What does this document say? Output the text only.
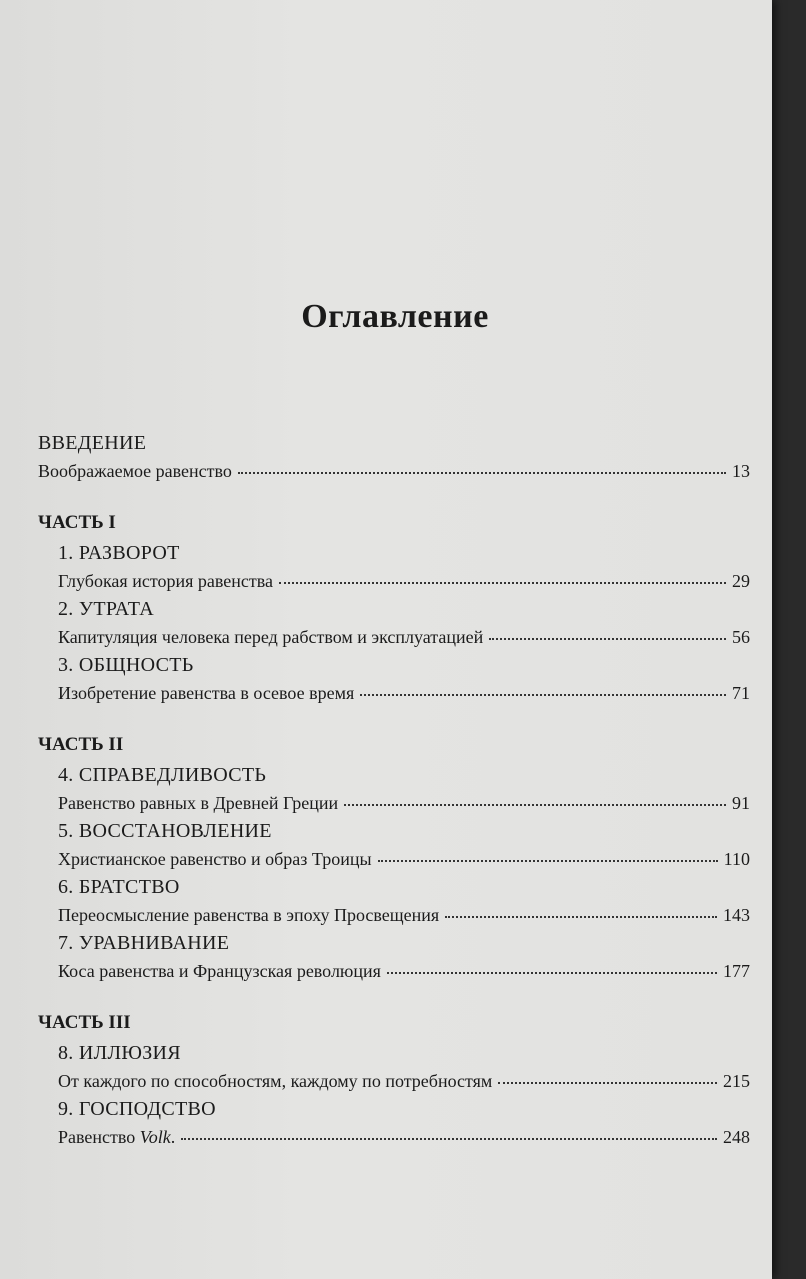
Оглавление
ВВЕДЕНИЕ
Воображаемое равенство	13
ЧАСТЬ I
1. РАЗВОРОТ
Глубокая история равенства	29
2. УТРАТА
Капитуляция человека перед рабством и эксплуатацией	56
3. ОБЩНОСТЬ
Изобретение равенства в осевое время	71
ЧАСТЬ II
4. СПРАВЕДЛИВОСТЬ
Равенство равных в Древней Греции	91
5. ВОССТАНОВЛЕНИЕ
Христианское равенство и образ Троицы	110
6. БРАТСТВО
Переосмысление равенства в эпоху Просвещения	143
7. УРАВНИВАНИЕ
Коса равенства и Французская революция	177
ЧАСТЬ III
8. ИЛЛЮЗИЯ
От каждого по способностям, каждому по потребностям	215
9. ГОСПОДСТВО
Равенство Volk.	248
